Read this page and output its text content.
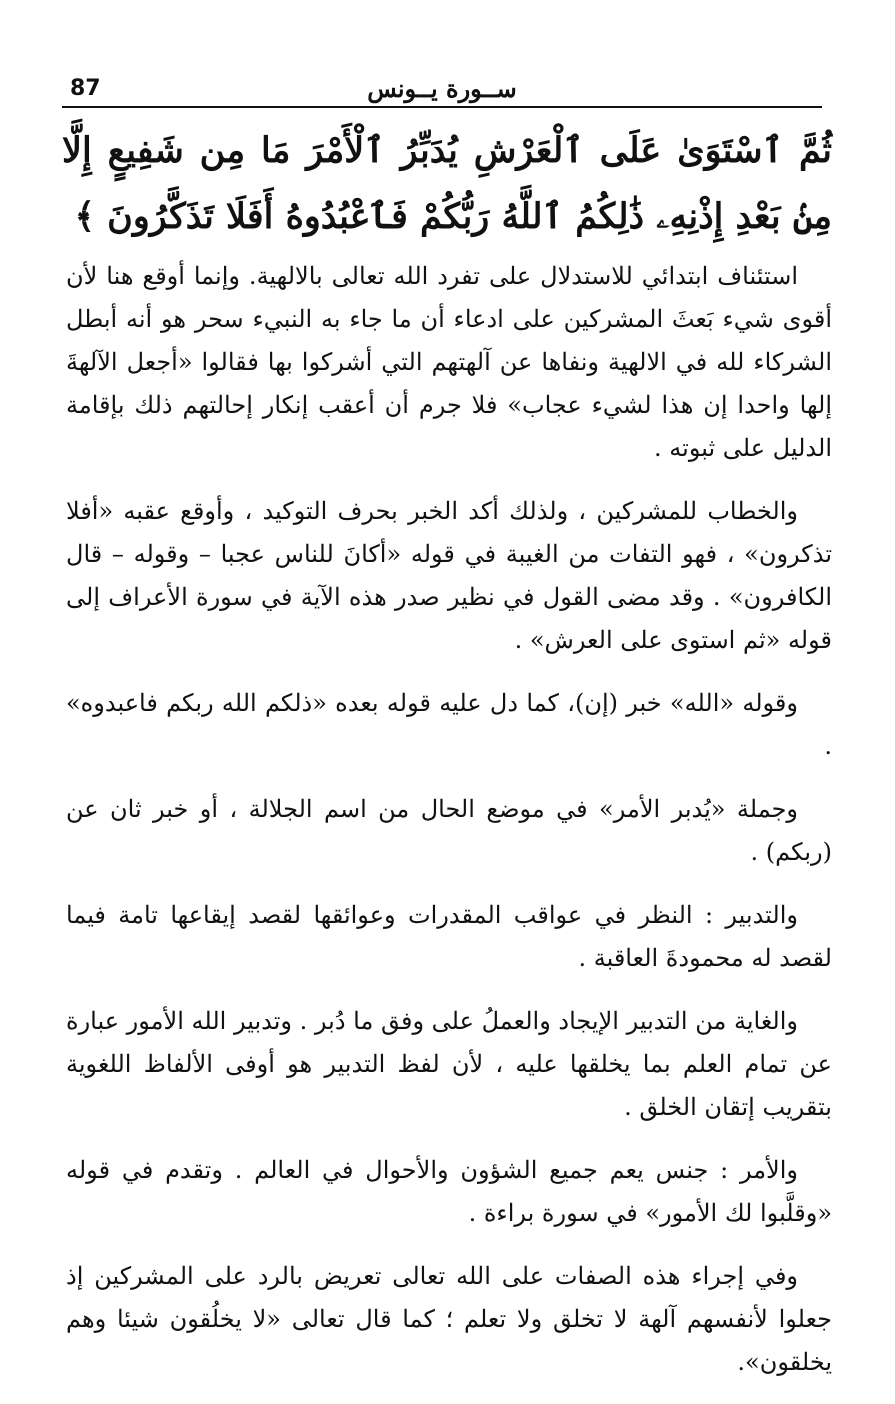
87	ســورة يــونس
ثُمَّ ٱسْتَوَىٰ عَلَى ٱلْعَرْشِ يُدَبِّرُ ٱلْأَمْرَ مَا مِن شَفِيعٍ إِلَّا مِنۢ بَعْدِ إِذْنِهِۦ ذَٰلِكُمُ ٱللَّهُ رَبُّكُمْ فَٱعْبُدُوهُ أَفَلَا تَذَكَّرُونَ ﴾

استئناف ابتدائي للاستدلال على تفرد الله تعالى بالالهية. وإنما أوقع هنا لأن أقوى شيء بَعثَ المشركين على ادعاء أن ما جاء به النبيء سحر هو أنه أبطل الشركاء لله في الالهية ونفاها عن آلهتهم التي أشركوا بها فقالوا «أجعل الآلهةَ إلها واحدا إن هذا لشيء عجاب» فلا جرم أن أعقب إنكار إحالتهم ذلك بإقامة الدليل على ثبوته .

والخطاب للمشركين ، ولذلك أكد الخبر بحرف التوكيد ، وأوقع عقبه «أفلا تذكرون» ، فهو التفات من الغيبة في قوله «أكانَ للناس عجبا – وقوله – قال الكافرون» . وقد مضى القول في نظير صدر هذه الآية في سورة الأعراف إلى قوله «ثم استوى على العرش» .

وقوله «الله» خبر (إن)، كما دل عليه قوله بعده «ذلكم الله ربكم فاعبدوه» .

وجملة «يُدبر الأمر» في موضع الحال من اسم الجلالة ، أو خبر ثان عن (ربكم) .

والتدبير : النظر في عواقب المقدرات وعوائقها لقصد إيقاعها تامة فيما لقصد له محمودةَ العاقبة .

والغاية من التدبير الإيجاد والعملُ على وفق ما دُبر . وتدبير الله الأمور عبارة عن تمام العلم بما يخلقها عليه ، لأن لفظ التدبير هو أوفى الألفاظ اللغوية بتقريب إتقان الخلق .

والأمر : جنس يعم جميع الشؤون والأحوال في العالم . وتقدم في قوله «وقلَّبوا لك الأمور» في سورة براءة .

وفي إجراء هذه الصفات على الله تعالى تعريض بالرد على المشركين إذ جعلوا لأنفسهم آلهة لا تخلق ولا تعلم ؛ كما قال تعالى «لا يخلُقون شيئا وهم يخلقون».
